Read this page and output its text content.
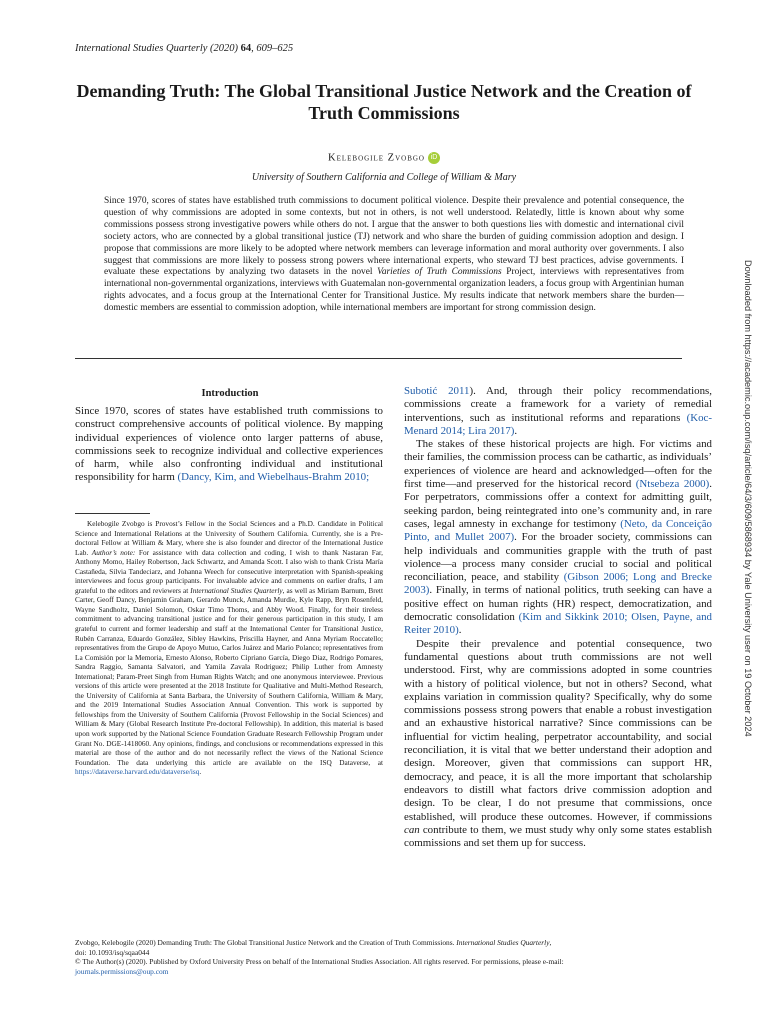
International Studies Quarterly (2020) 64, 609–625
Demanding Truth: The Global Transitional Justice Network and the Creation of Truth Commissions
Kelebogile Zvobgo iD
University of Southern California and College of William & Mary

Since 1970, scores of states have established truth commissions to document political violence. Despite their prevalence and potential consequence, the question of why commissions are adopted in some contexts, but not in others, is not well understood. Relatedly, little is known about why some commissions possess strong investigative powers while others do not. I argue that the answer to both questions lies with domestic and international civil society actors, who are connected by a global transitional justice (TJ) network and who share the burden of guiding commission adoption and design. I propose that commissions are more likely to be adopted where network members can leverage information and moral authority over governments. I also suggest that commissions are more likely to possess strong powers where international experts, who steward TJ best practices, advise governments. I evaluate these expectations by analyzing two datasets in the novel Varieties of Truth Commissions Project, interviews with representatives from international non-governmental organizations, interviews with Guatemalan non-governmental organization leaders, a focus group with Argentinian human rights advocates, and a focus group at the International Center for Transitional Justice. My results indicate that network members share the burden—domestic members are essential to commission adoption, while international members are important for strong commission design.

Introduction

Since 1970, scores of states have established truth commissions to construct comprehensive accounts of political violence. By mapping individual experiences of violence onto larger patterns of abuse, commissions seek to recognize individual and collective experiences of harm, while also confronting individual and institutional responsibility for harm (Dancy, Kim, and Wiebelhaus-Brahm 2010;

Kelebogile Zvobgo is Provost’s Fellow in the Social Sciences and a Ph.D. Candidate in Political Science and International Relations at the University of Southern California. Currently, she is a Pre-doctoral Fellow at William & Mary, where she is also founder and director of the International Justice Lab. Author’s note: For assistance with data collection and coding, I wish to thank Nastaran Far, Anthony Momo, Hailey Robertson, Jack Schwartz, and Amanda Scott. I also wish to thank Crista María Castañeda, Silvia Tandeciarz, and Johanna Weech for consecutive interpretation with Spanish-speaking interviewees and focus group participants. For invaluable advice and comments on earlier drafts, I am grateful to the editors and reviewers at International Studies Quarterly, as well as Miriam Barnum, Brett Carter, Geoff Dancy, Benjamin Graham, Gerardo Munck, Amanda Murdie, Kyle Rapp, Bryn Rosenfeld, Wayne Sandholtz, Daniel Solomon, Oskar Timo Thoms, and Abby Wood. Finally, for their tireless commitment to advancing transitional justice and for their generous participation in this study, I am grateful to current and former leadership and staff at the International Center for Transitional Justice, Rubén Carranza, Eduardo González, Sibley Hawkins, Priscilla Hayner, and Anna Myriam Roccatello; representatives from the Grupo de Apoyo Mutuo, Carlos Juárez and Mario Polanco; representatives from La Comisión por la Memoria, Ernesto Alonso, Roberto Cipriano García, Diego Diaz, Rodrigo Pomares, Sandra Raggio, Samanta Salvatori, and Yamila Zavala Rodriguez; Philip Luther from Amnesty International; Param-Preet Singh from Human Rights Watch; and one anonymous interviewee. Previous versions of this article were presented at the 2018 Institute for Qualitative and Multi-Method Research, the University of California at Santa Barbara, the University of Southern California, William & Mary, and the 2019 International Studies Association Annual Convention. This work is supported by fellowships from the University of Southern California (Provost Fellowship in the Social Sciences) and William & Mary (Global Research Institute Pre-doctoral Fellowship). In addition, this material is based upon work supported by the National Science Foundation Graduate Research Fellowship Program under Grant No. DGE-1418060. Any opinions, findings, and conclusions or recommendations expressed in this material are those of the author and do not necessarily reflect the views of the National Science Foundation. The data underlying this article are available on the ISQ Dataverse, at https://dataverse.harvard.edu/dataverse/isq.

Subotić 2011). And, through their policy recommendations, commissions create a framework for a variety of remedial interventions, such as institutional reforms and reparations (Koc-Menard 2014; Lira 2017).

The stakes of these historical projects are high. For victims and their families, the commission process can be cathartic, as individuals’ experiences of violence are heard and acknowledged—often for the first time—and preserved for the historical record (Ntsebeza 2000). For perpetrators, commissions offer a context for admitting guilt, seeking pardon, being reintegrated into one’s community and, in rare cases, legal amnesty in exchange for testimony (Neto, da Conceição Pinto, and Mullet 2007). For the broader society, commissions can help individuals and communities grapple with the truth of past violence—a process many consider crucial to social and political reconciliation, peace, and stability (Gibson 2006; Long and Brecke 2003). Finally, in terms of national politics, truth seeking can have a positive effect on human rights (HR) respect, democratization, and democratic consolidation (Kim and Sikkink 2010; Olsen, Payne, and Reiter 2010).

Despite their prevalence and potential consequence, two fundamental questions about truth commissions are not well understood. First, why are commissions adopted in some countries with a history of political violence, but not in others? Second, what explains variation in commission quality? Specifically, why do some commissions possess strong powers that enable a robust investigation and an exhaustive historical narrative? Since commissions can be influential for victim healing, perpetrator accountability, and social reconciliation, it is vital that we better understand their adoption and design. Moreover, given that commissions can support HR, democracy, and peace, it is all the more important that scholarship endeavors to distill what factors drive commission adoption and design. To be clear, I do not presume that commissions, once established, will produce these outcomes. However, if commissions can contribute to them, we must study why only some states establish commissions and set them up for success.

Zvobgo, Kelebogile (2020) Demanding Truth: The Global Transitional Justice Network and the Creation of Truth Commissions. International Studies Quarterly,
doi: 10.1093/isq/sqaa044
© The Author(s) (2020). Published by Oxford University Press on behalf of the International Studies Association. All rights reserved. For permissions, please e-mail:
journals.permissions@oup.com
Downloaded from https://academic.oup.com/isq/article/64/3/609/5868934 by Yale University user on 19 October 2024
